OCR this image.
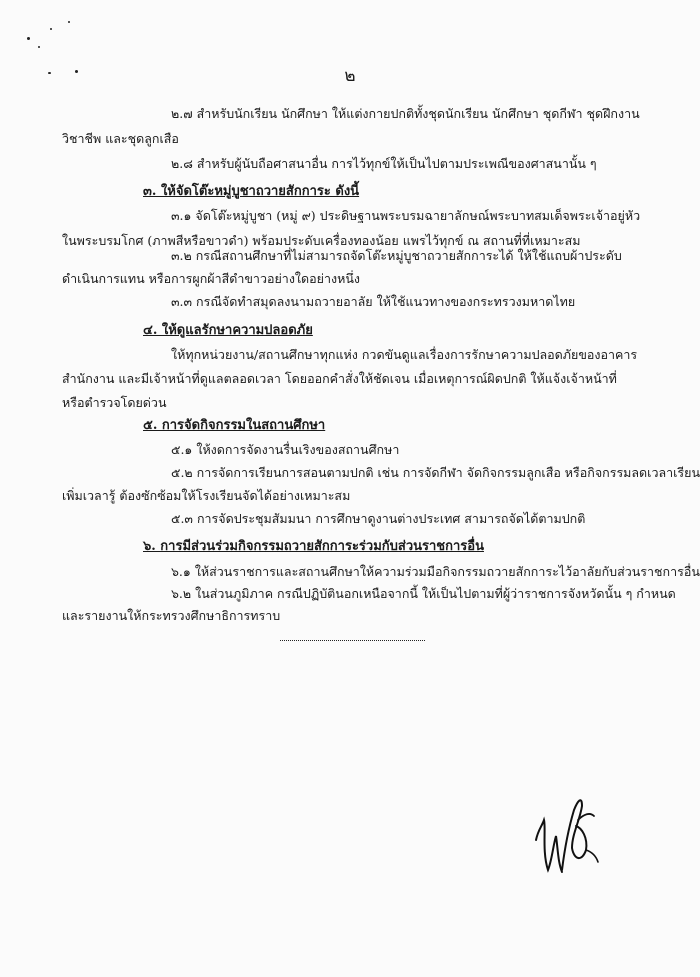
๒
๒.๗ สำหรับนักเรียน นักศึกษา ให้แต่งกายปกติทั้งชุดนักเรียน นักศึกษา ชุดกีฬา ชุดฝึกงาน
วิชาชีพ และชุดลูกเสือ
๒.๘ สำหรับผู้นับถือศาสนาอื่น การไว้ทุกข์ให้เป็นไปตามประเพณีของศาสนานั้น ๆ
๓. ให้จัดโต๊ะหมู่บูชาถวายสักการะ ดังนี้
๓.๑ จัดโต๊ะหมู่บูชา (หมู่ ๙) ประดิษฐานพระบรมฉายาลักษณ์พระบาทสมเด็จพระเจ้าอยู่หัว
ในพระบรมโกศ (ภาพสีหรือขาวดำ) พร้อมประดับเครื่องทองน้อย แพรไว้ทุกข์ ณ สถานที่ที่เหมาะสม
๓.๒ กรณีสถานศึกษาที่ไม่สามารถจัดโต๊ะหมู่บูชาถวายสักการะได้ ให้ใช้แถบผ้าประดับ
ดำเนินการแทน หรือการผูกผ้าสีดำขาวอย่างใดอย่างหนึ่ง
๓.๓ กรณีจัดทำสมุดลงนามถวายอาลัย ให้ใช้แนวทางของกระทรวงมหาดไทย
๔. ให้ดูแลรักษาความปลอดภัย
ให้ทุกหน่วยงาน/สถานศึกษาทุกแห่ง กวดขันดูแลเรื่องการรักษาความปลอดภัยของอาคาร
สำนักงาน และมีเจ้าหน้าที่ดูแลตลอดเวลา โดยออกคำสั่งให้ชัดเจน เมื่อเหตุการณ์ผิดปกติ ให้แจ้งเจ้าหน้าที่
หรือตำรวจโดยด่วน
๕. การจัดกิจกรรมในสถานศึกษา
๕.๑ ให้งดการจัดงานรื่นเริงของสถานศึกษา
๕.๒ การจัดการเรียนการสอนตามปกติ เช่น การจัดกีฬา จัดกิจกรรมลูกเสือ หรือกิจกรรมลดเวลาเรียน
เพิ่มเวลารู้ ต้องซักซ้อมให้โรงเรียนจัดได้อย่างเหมาะสม
๕.๓ การจัดประชุมสัมมนา การศึกษาดูงานต่างประเทศ สามารถจัดได้ตามปกติ
๖. การมีส่วนร่วมกิจกรรมถวายสักการะร่วมกับส่วนราชการอื่น
๖.๑ ให้ส่วนราชการและสถานศึกษาให้ความร่วมมือกิจกรรมถวายสักการะไว้อาลัยกับส่วนราชการอื่น
๖.๒ ในส่วนภูมิภาค กรณีปฏิบัตินอกเหนือจากนี้ ให้เป็นไปตามที่ผู้ว่าราชการจังหวัดนั้น ๆ กำหนด
และรายงานให้กระทรวงศึกษาธิการทราบ
